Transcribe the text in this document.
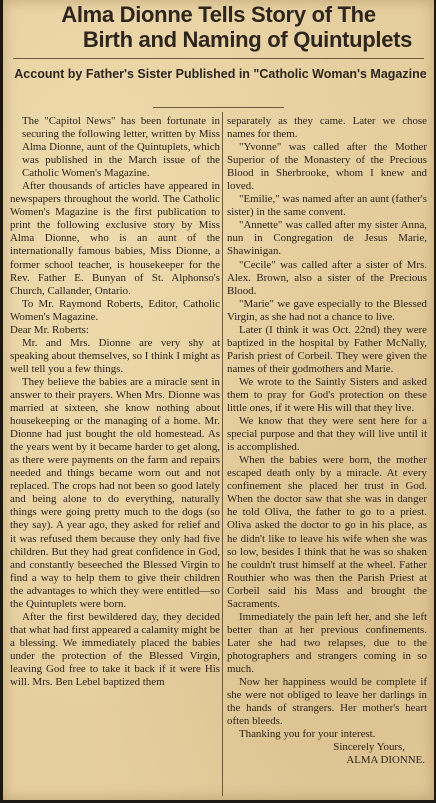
Alma Dionne Tells Story of The
Birth and Naming of Quintuplets
Account by Father's Sister Published in "Catholic Woman's Magazine

The "Capitol News" has been fortunate in securing the following letter, written by Miss Alma Dionne, aunt of the Quintuplets, which was published in the March issue of the Catholic Women's Magazine.

After thousands of articles have appeared in newspapers throughout the world. The Catholic Women's Magazine is the first publication to print the following exclusive story by Miss Alma Dionne, who is an aunt of the internationally famous babies, Miss Dionne, a former school teacher, is housekeeper for the Rev. Father E. Bunyan of St. Alphonso's Church, Callander, Ontario.

To Mr. Raymond Roberts, Editor, Catholic Women's Magazine.

Dear Mr. Roberts:

Mr. and Mrs. Dionne are very shy at speaking about themselves, so I think I might as well tell you a few things.

They believe the babies are a miracle sent in answer to their prayers. When Mrs. Dionne was married at sixteen, she know nothing about housekeeping or the managing of a home. Mr. Dionne had just bought the old homestead. As the years went by it became harder to get along, as there were payments on the farm and repairs needed and things became worn out and not replaced. The crops had not been so good lately and being alone to do everything, naturally things were going pretty much to the dogs (so they say). A year ago, they asked for relief and it was refused them because they only had five children. But they had great confidence in God, and constantly beseeched the Blessed Virgin to find a way to help them to give their children the advantages to which they were entitled—so the Quintuplets were born.

After the first bewildered day, they decided that what had first appeared a calamity might be a blessing. We immediately placed the babies under the protection of the Blessed Virgin, leaving God free to take it back if it were His will. Mrs. Ben Lebel baptized them

separately as they came. Later we chose names for them.

"Yvonne" was called after the Mother Superior of the Monastery of the Precious Blood in Sherbrooke, whom I knew and loved.

"Emilie," was named after an aunt (father's sister) in the same convent.

"Annette" was called after my sister Anna, nun in Congregation de Jesus Marie, Shawinigan.

"Cecile" was called after a sister of Mrs. Alex. Brown, also a sister of the Precious Blood.

"Marie" we gave especially to the Blessed Virgin, as she had not a chance to live.

Later (I think it was Oct. 22nd) they were baptized in the hospital by Father McNally, Parish priest of Corbeil. They were given the names of their godmothers and Marie.

We wrote to the Saintly Sisters and asked them to pray for God's protection on these little ones, if it were His will that they live.

We know that they were sent here for a special purpose and that they will live until it is accomplished.

When the babies were born, the mother escaped death only by a miracle. At every confinement she placed her trust in God. When the doctor saw that she was in danger he told Oliva, the father to go to a priest. Oliva asked the doctor to go in his place, as he didn't like to leave his wife when she was so low, besides I think that he was so shaken he couldn't trust himself at the wheel. Father Routhier who was then the Parish Priest at Corbeil said his Mass and brought the Sacraments.

Immediately the pain left her, and she left better than at her previous confinements. Later she had two relapses, due to the photographers and strangers coming in so much.

Now her happiness would be complete if she were not obliged to leave her darlings in the hands of strangers. Her mother's heart often bleeds.

Thanking you for your interest.

Sincerely Yours,

ALMA DIONNE.
